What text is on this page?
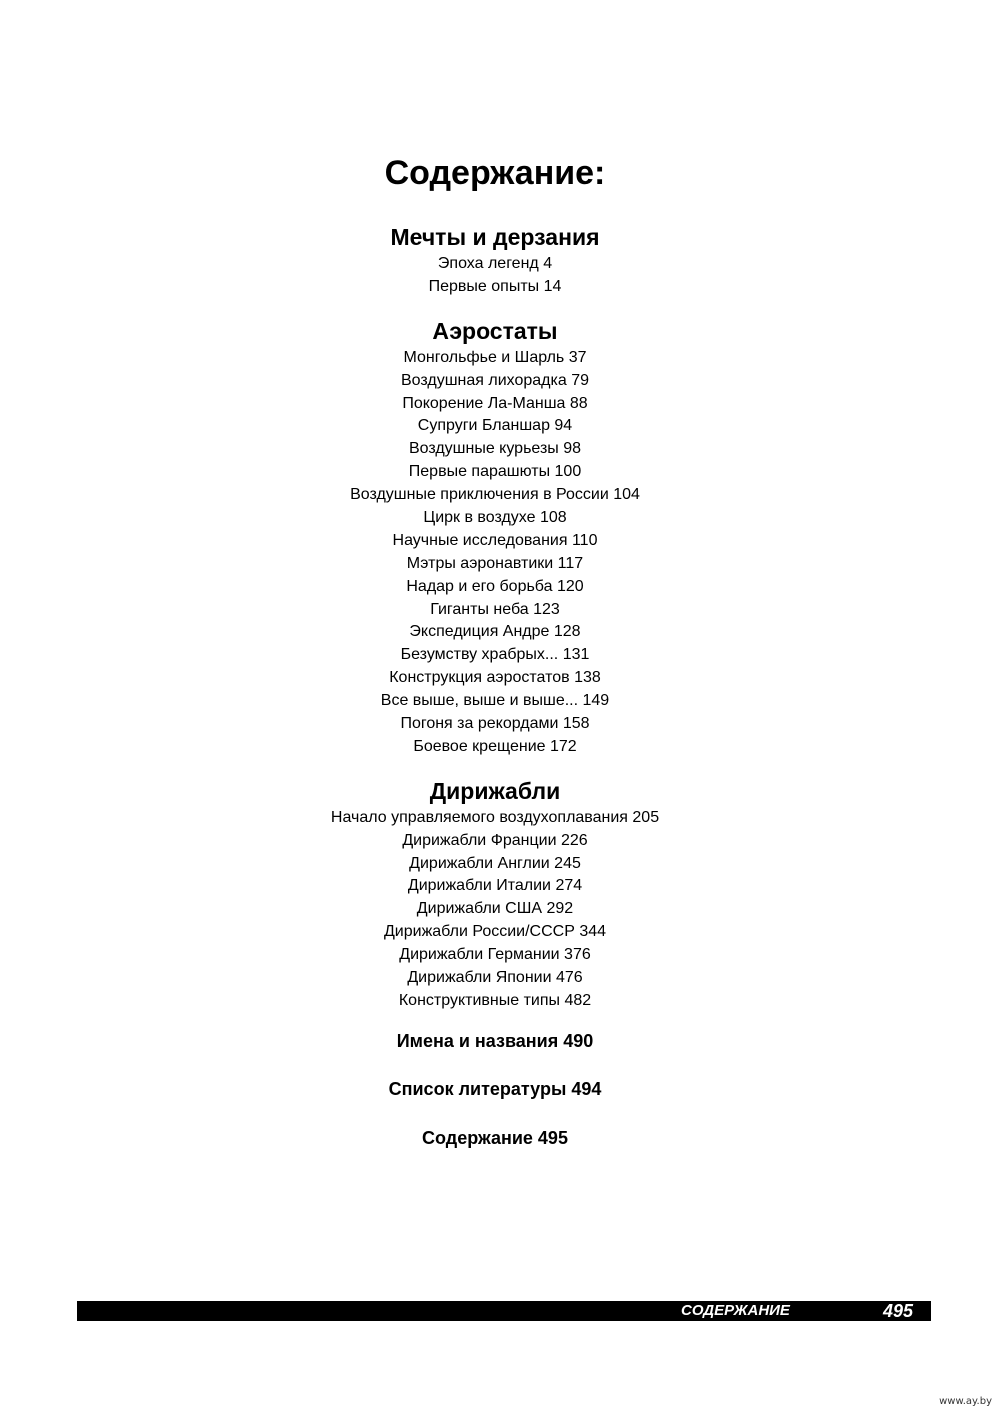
Содержание:
Мечты и дерзания
Эпоха легенд 4
Первые опыты 14
Аэростаты
Монгольфье и Шарль 37
Воздушная лихорадка 79
Покорение Ла-Манша 88
Супруги Бланшар 94
Воздушные курьезы 98
Первые парашюты 100
Воздушные приключения в России 104
Цирк в воздухе 108
Научные исследования 110
Мэтры аэронавтики 117
Надар и его борьба 120
Гиганты неба 123
Экспедиция Андре 128
Безумству храбрых... 131
Конструкция аэростатов 138
Все выше, выше и выше... 149
Погоня за рекордами 158
Боевое крещение 172
Дирижабли
Начало управляемого воздухоплавания 205
Дирижабли Франции 226
Дирижабли Англии 245
Дирижабли Италии 274
Дирижабли США 292
Дирижабли России/СССР 344
Дирижабли Германии 376
Дирижабли Японии 476
Конструктивные типы 482
Имена и названия 490
Список литературы 494
Содержание 495
СОДЕРЖАНИЕ	495
www.ay.by
